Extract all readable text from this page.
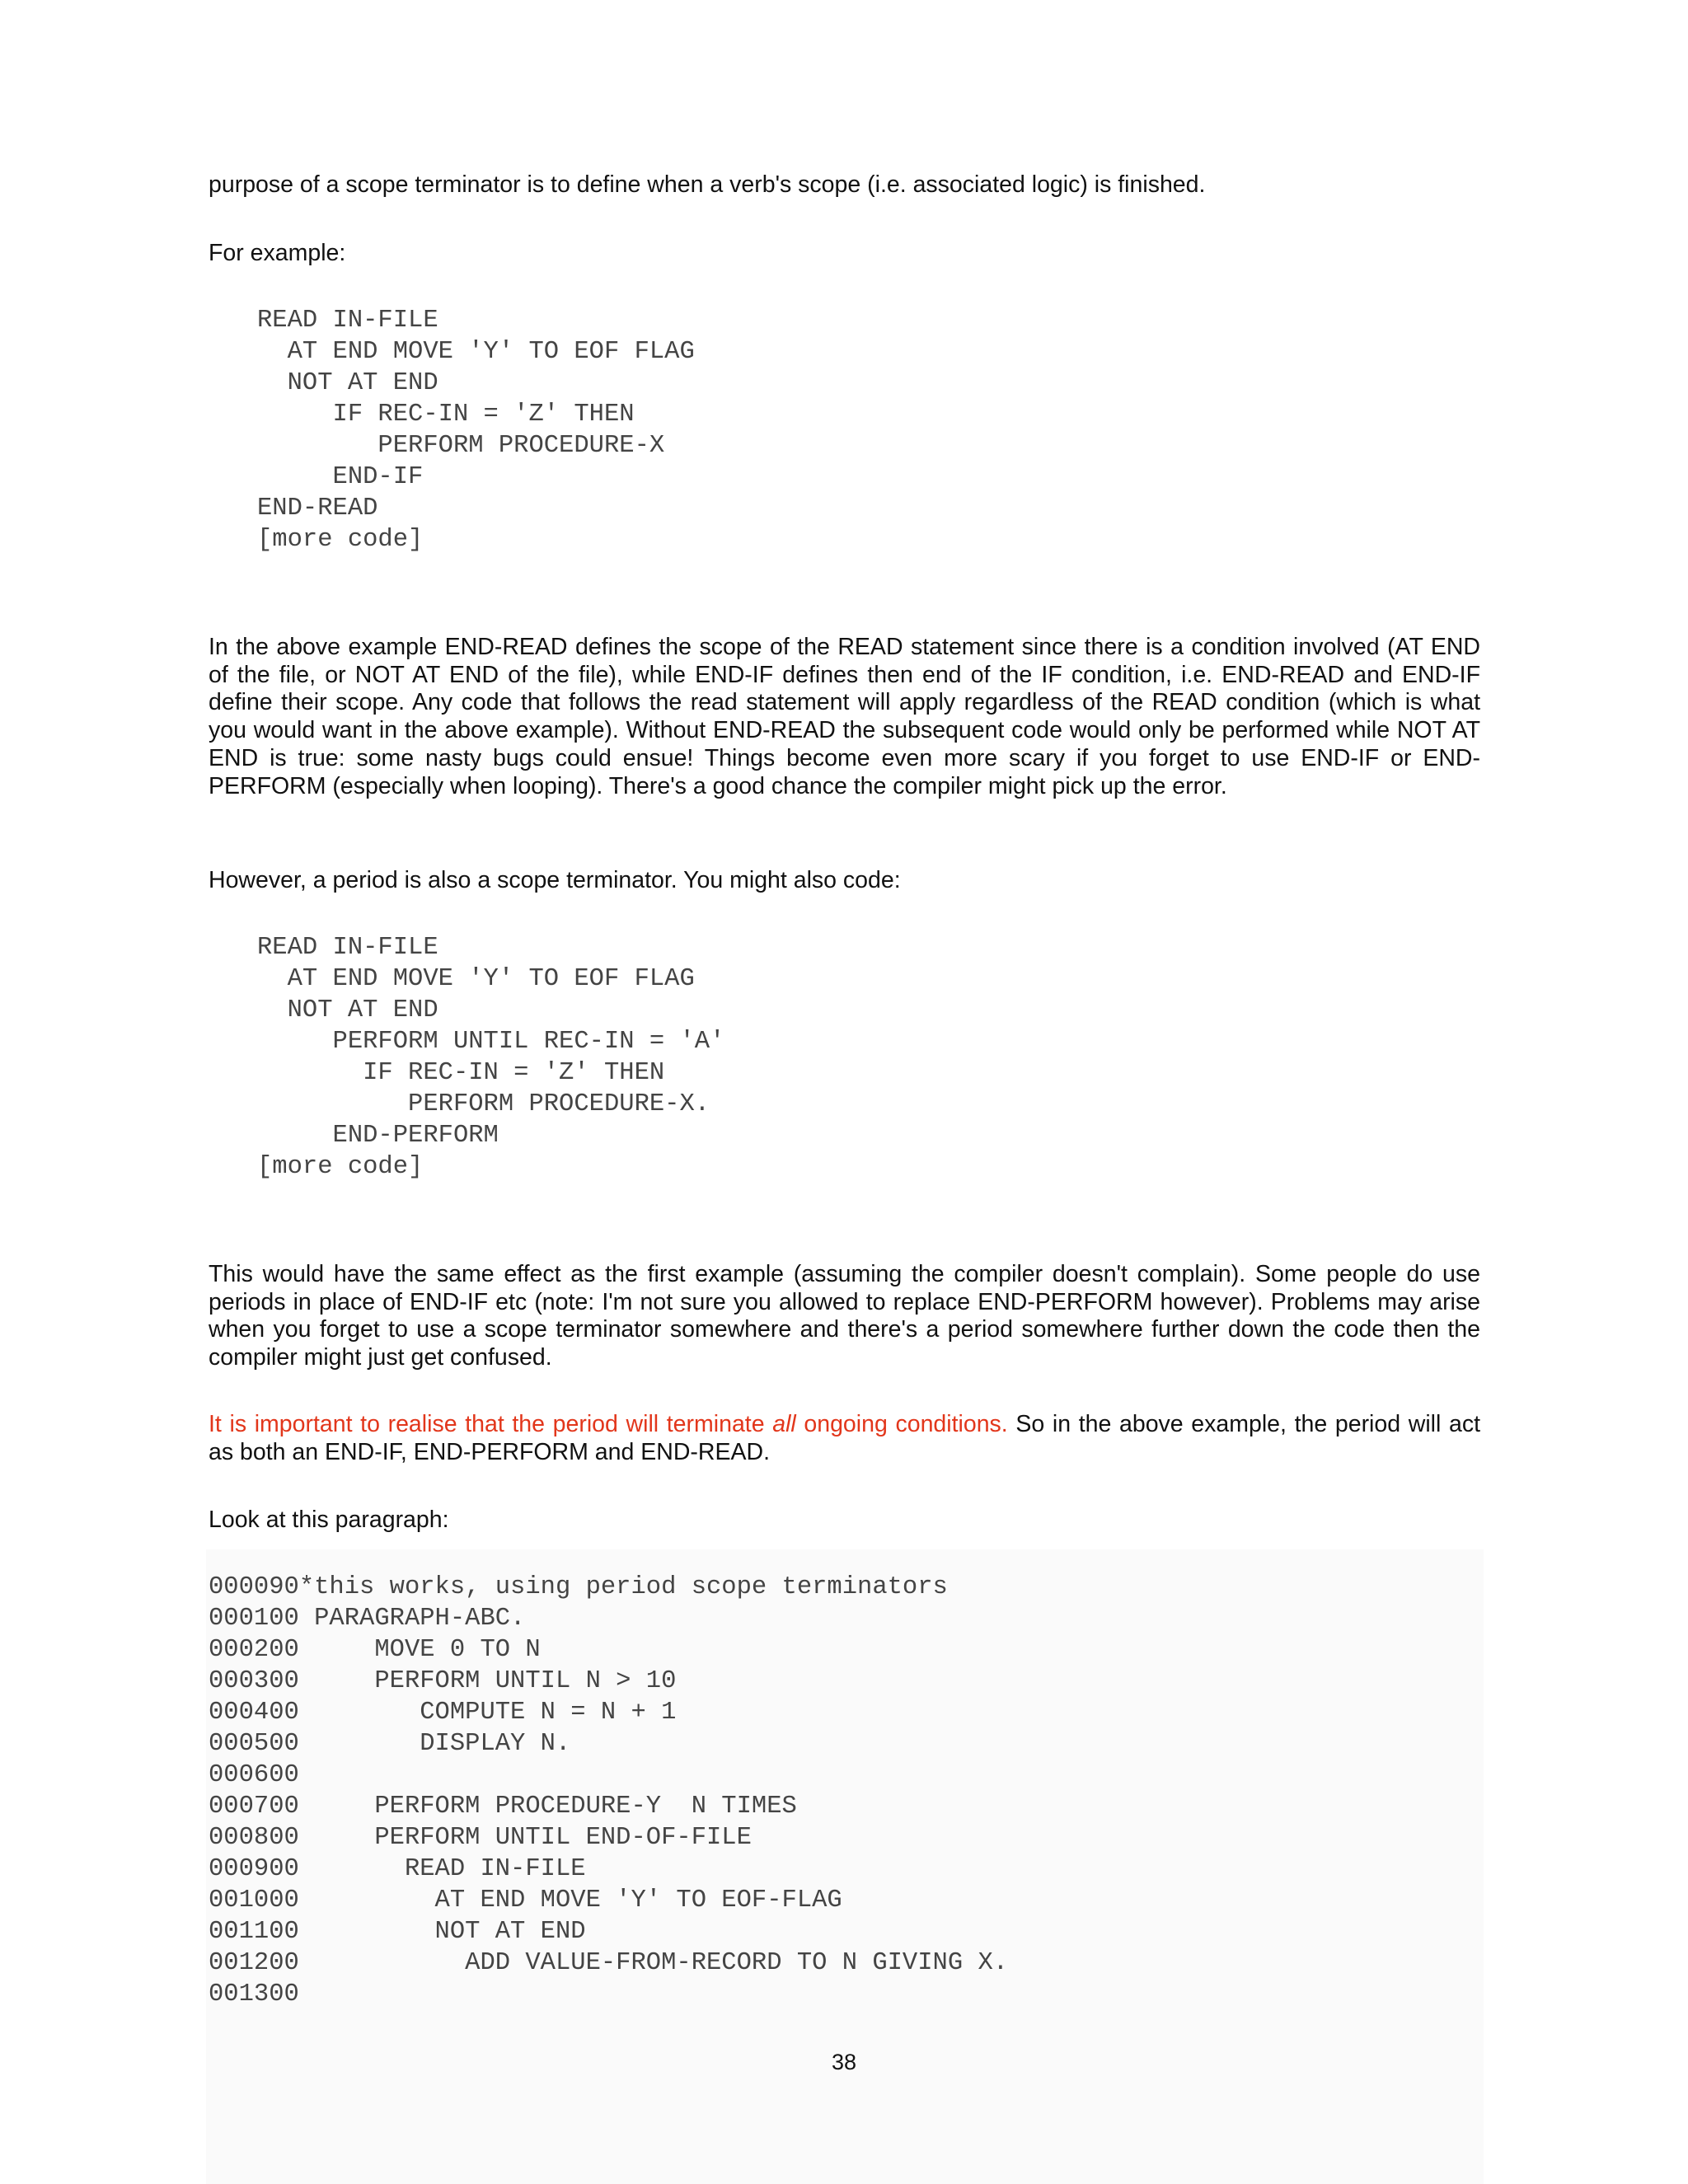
purpose of a scope terminator is to define when a verb's scope (i.e. associated logic) is finished.

For example:

READ IN-FILE
AT END MOVE 'Y' TO EOF FLAG
NOT AT END
IF REC-IN = 'Z' THEN
PERFORM PROCEDURE-X
END-IF
END-READ
[more code]

In the above example END-READ defines the scope of the READ statement since there is a condition involved (AT END of the file, or NOT AT END of the file), while END-IF defines then end of the IF condition, i.e. END-READ and END-IF define their scope. Any code that follows the read statement will apply regardless of the READ condition (which is what you would want in the above example). Without END-READ the subsequent code would only be performed while NOT AT END is true: some nasty bugs could ensue! Things become even more scary if you forget to use END-IF or END-PERFORM (especially when looping). There's a good chance the compiler might pick up the error.

However, a period is also a scope terminator. You might also code:

READ IN-FILE
AT END MOVE 'Y' TO EOF FLAG
NOT AT END
PERFORM UNTIL REC-IN = 'A'
IF REC-IN = 'Z' THEN
PERFORM PROCEDURE-X.
END-PERFORM
[more code]

This would have the same effect as the first example (assuming the compiler doesn't complain). Some people do use periods in place of END-IF etc (note: I'm not sure you allowed to replace END-PERFORM however). Problems may arise when you forget to use a scope terminator somewhere and there's a period somewhere further down the code then the compiler might just get confused.

It is important to realise that the period will terminate all ongoing conditions. So in the above example, the period will act as both an END-IF, END-PERFORM and END-READ.

Look at this paragraph:

000090*this works, using period scope terminators
000100 PARAGRAPH-ABC.
000200     MOVE 0 TO N
000300     PERFORM UNTIL N > 10
000400        COMPUTE N = N + 1
000500        DISPLAY N.
000600
000700     PERFORM PROCEDURE-Y  N TIMES
000800     PERFORM UNTIL END-OF-FILE
000900       READ IN-FILE
001000         AT END MOVE 'Y' TO EOF-FLAG
001100         NOT AT END
001200           ADD VALUE-FROM-RECORD TO N GIVING X.
001300
38
